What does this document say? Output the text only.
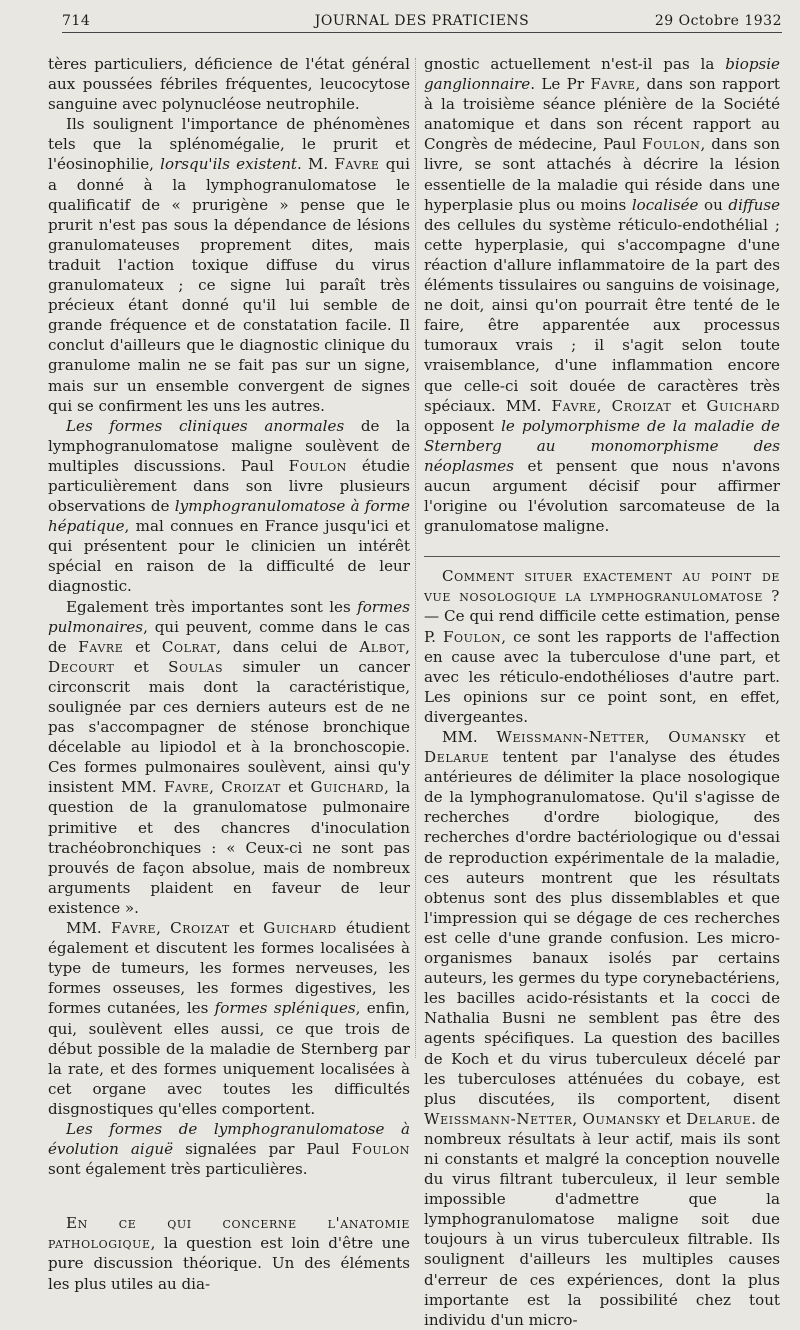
714	JOURNAL DES PRATICIENS	29 Octobre 1932

tères particuliers, déficience de l'état général aux poussées fébriles fréquentes, leucocytose sanguine avec polynucléose neutrophile.

Ils soulignent l'importance de phénomènes tels que la splénomégalie, le prurit et l'éosinophilie, lorsqu'ils existent. M. Favre qui a donné à la lymphogranulomatose le qualificatif de « prurigène » pense que le prurit n'est pas sous la dépendance de lésions granulomateuses proprement dites, mais traduit l'action toxique diffuse du virus granulomateux ; ce signe lui paraît très précieux étant donné qu'il lui semble de grande fréquence et de constatation facile. Il conclut d'ailleurs que le diagnostic clinique du granulome malin ne se fait pas sur un signe, mais sur un ensemble convergent de signes qui se confirment les uns les autres.

Les formes cliniques anormales de la lymphogranulomatose maligne soulèvent de multiples discussions. Paul Foulon étudie particulièrement dans son livre plusieurs observations de lymphogranulomatose à forme hépatique, mal connues en France jusqu'ici et qui présentent pour le clinicien un intérêt spécial en raison de la difficulté de leur diagnostic.

Egalement très importantes sont les formes pulmonaires, qui peuvent, comme dans le cas de Favre et Colrat, dans celui de Albot, Decourt et Soulas simuler un cancer circonscrit mais dont la caractéristique, soulignée par ces derniers auteurs est de ne pas s'accompagner de sténose bronchique décelable au lipiodol et à la bronchoscopie. Ces formes pulmonaires soulèvent, ainsi qu'y insistent MM. Favre, Croizat et Guichard, la question de la granulomatose pulmonaire primitive et des chancres d'inoculation trachéobronchiques : « Ceux-ci ne sont pas prouvés de façon absolue, mais de nombreux arguments plaident en faveur de leur existence ».

MM. Favre, Croizat et Guichard étudient également et discutent les formes localisées à type de tumeurs, les formes nerveuses, les formes osseuses, les formes digestives, les formes cutanées, les formes spléniques, enfin, qui, soulèvent elles aussi, ce que trois de début possible de la maladie de Sternberg par la rate, et des formes uniquement localisées à cet organe avec toutes les difficultés disgnostiques qu'elles comportent.

Les formes de lymphogranulomatose à évolution aiguë signalées par Paul Foulon sont également très particulières.

En ce qui concerne l'anatomie pathologique, la question est loin d'être une pure discussion théorique. Un des éléments les plus utiles au dia-

gnostic actuellement n'est-il pas la biopsie ganglionnaire. Le Pr Favre, dans son rapport à la troisième séance plénière de la Société anatomique et dans son récent rapport au Congrès de médecine, Paul Foulon, dans son livre, se sont attachés à décrire la lésion essentielle de la maladie qui réside dans une hyperplasie plus ou moins localisée ou diffuse des cellules du système réticulo-endothélial ; cette hyperplasie, qui s'accompagne d'une réaction d'allure inflammatoire de la part des éléments tissulaires ou sanguins de voisinage, ne doit, ainsi qu'on pourrait être tenté de le faire, être apparentée aux processus tumoraux vrais ; il s'agit selon toute vraisemblance, d'une inflammation encore que celle-ci soit douée de caractères très spéciaux. MM. Favre, Croizat et Guichard opposent le polymorphisme de la maladie de Sternberg au monomorphisme des néoplasmes et pensent que nous n'avons aucun argument décisif pour affirmer l'origine ou l'évolution sarcomateuse de la granulomatose maligne.

Comment situer exactement au point de vue nosologique la lymphogranulomatose ? — Ce qui rend difficile cette estimation, pense P. Foulon, ce sont les rapports de l'affection en cause avec la tuberculose d'une part, et avec les réticulo-endothélioses d'autre part. Les opinions sur ce point sont, en effet, divergeantes.

MM. Weissmann-Netter, Oumansky et Delarue tentent par l'analyse des études antérieures de délimiter la place nosologique de la lymphogranulomatose. Qu'il s'agisse de recherches d'ordre biologique, des recherches d'ordre bactériologique ou d'essai de reproduction expérimentale de la maladie, ces auteurs montrent que les résultats obtenus sont des plus dissemblables et que l'impression qui se dégage de ces recherches est celle d'une grande confusion. Les micro-organismes banaux isolés par certains auteurs, les germes du type corynebactériens, les bacilles acido-résistants et la cocci de Nathalia Busni ne semblent pas être des agents spécifiques. La question des bacilles de Koch et du virus tuberculeux décelé par les tuberculoses atténuées du cobaye, est plus discutées, ils comportent, disent Weissmann-Netter, Oumansky et Delarue. de nombreux résultats à leur actif, mais ils sont ni constants et malgré la conception nouvelle du virus filtrant tuberculeux, il leur semble impossible d'admettre que la lymphogranulomatose maligne soit due toujours à un virus tuberculeux filtrable. Ils soulignent d'ailleurs les multiples causes d'erreur de ces expériences, dont la plus importante est la possibilité chez tout individu d'un micro-
